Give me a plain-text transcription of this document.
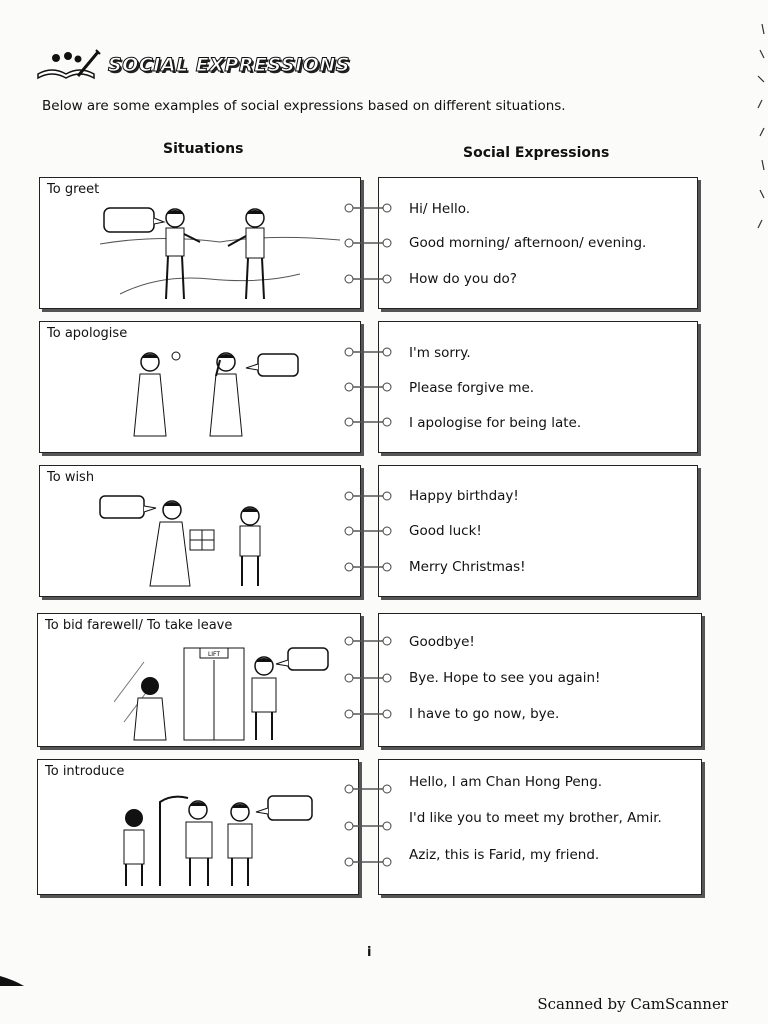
SOCIAL EXPRESSIONS
Below are some examples of social expressions based on different situations.
Situations	Social Expressions
To greet
Hi/ Hello.
Good morning/ afternoon/ evening.
How do you do?
To apologise
I'm sorry.
Please forgive me.
I apologise for being late.
To wish
Happy birthday!
Good luck!
Merry Christmas!
To bid farewell/ To take leave
LIFT
Goodbye!
Bye. Hope to see you again!
I have to go now, bye.
To introduce
Hello, I am Chan Hong Peng.
I'd like you to meet my brother, Amir.
Aziz, this is Farid, my friend.
i
Scanned by CamScanner
